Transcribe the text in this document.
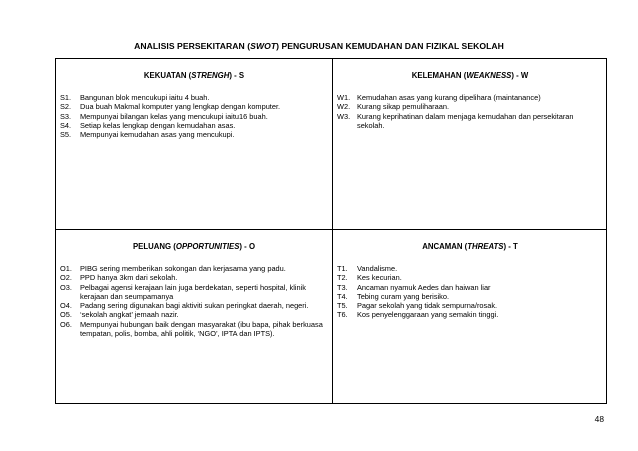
ANALISIS PERSEKITARAN (SWOT) PENGURUSAN KEMUDAHAN DAN FIZIKAL SEKOLAH
KEKUATAN (STRENGH) - S
S1.	Bangunan blok mencukupi iaitu 4 buah.
S2.	Dua buah Makmal komputer yang lengkap dengan komputer.
S3.	Mempunyai bilangan kelas yang mencukupi iaitu16 buah.
S4.	Setiap kelas lengkap dengan kemudahan asas.
S5.	Mempunyai kemudahan asas yang mencukupi.
KELEMAHAN (WEAKNESS) - W
W1. Kemudahan asas yang kurang dipelihara (maintanance)
W2. Kurang sikap pemuliharaan.
W3. Kurang keprihatinan dalam menjaga kemudahan dan persekitaran sekolah.
PELUANG (OPPORTUNITIES) - O
O1.	PIBG sering memberikan sokongan dan kerjasama yang padu.
O2.	PPD hanya 3km dari sekolah.
O3.	Pelbagai agensi kerajaan lain juga berdekatan, seperti hospital, klinik kerajaan dan seumpamanya
O4.	Padang sering digunakan bagi aktiviti sukan peringkat daerah, negeri.
O5.	‘sekolah angkat’ jemaah nazir.
O6.	Mempunyai hubungan baik dengan masyarakat (ibu bapa, pihak berkuasa tempatan, polis, bomba, ahli politik, ‘NGO’, IPTA dan IPTS).
ANCAMAN (THREATS) - T
T1.	Vandalisme.
T2.	Kes kecurian.
T3.	Ancaman nyamuk Aedes dan haiwan liar
T4.	Tebing curam yang berisiko.
T5.	Pagar sekolah yang tidak sempurna/rosak.
T6.	Kos penyelenggaraan yang semakin tinggi.
48
